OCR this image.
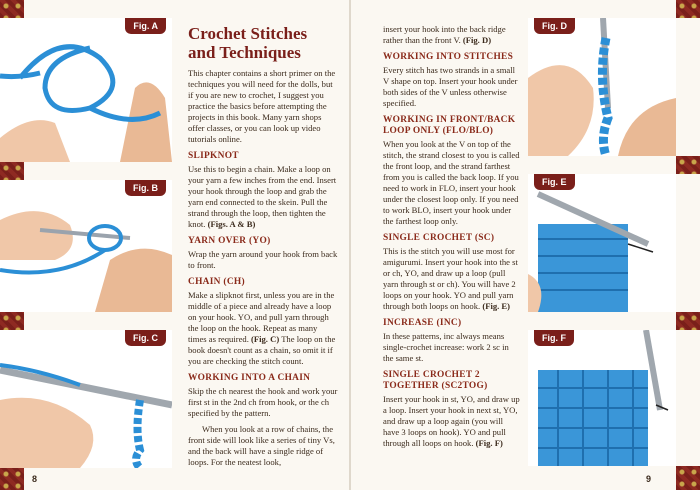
Fig. A
Fig. B
Fig. C
8
Crochet Stitches and Techniques

This chapter contains a short primer on the techniques you will need for the dolls, but if you are new to crochet, I suggest you practice the basics before attempting the projects in this book. Many yarn shops offer classes, or you can look up video tutorials online.

SLIPKNOT

Use this to begin a chain. Make a loop on your yarn a few inches from the end. Insert your hook through the loop and grab the yarn end connected to the skein. Pull the strand through the loop, then tighten the knot. (Figs. A & B)

YARN OVER (YO)

Wrap the yarn around your hook from back to front.

CHAIN (CH)

Make a slipknot first, unless you are in the middle of a piece and already have a loop on your hook. YO, and pull yarn through the loop on the hook. Repeat as many times as required. (Fig. C) The loop on the book doesn't count as a chain, so omit it if you are checking the stitch count.

WORKING INTO A CHAIN

Skip the ch nearest the hook and work your first st in the 2nd ch from hook, or the ch specified by the pattern.

When you look at a row of chains, the front side will look like a series of tiny Vs, and the back will have a single ridge of loops. For the neatest look,

insert your hook into the back ridge rather than the front V. (Fig. D)

WORKING INTO STITCHES

Every stitch has two strands in a small V shape on top. Insert your hook under both sides of the V unless otherwise specified.

WORKING IN FRONT/BACK LOOP ONLY (FLO/BLO)

When you look at the V on top of the stitch, the strand closest to you is called the front loop, and the strand farthest from you is called the back loop. If you need to work in FLO, insert your hook under the closest loop only. If you need to work BLO, insert your hook under the farthest loop only.

SINGLE CROCHET (SC)

This is the stitch you will use most for amigurumi. Insert your hook into the st or ch, YO, and draw up a loop (pull yarn through st or ch). You will have 2 loops on your hook. YO and pull yarn through both loops on hook. (Fig. E)

INCREASE (INC)

In these patterns, inc always means single-crochet increase: work 2 sc in the same st.

SINGLE CROCHET 2 TOGETHER (SC2TOG)

Insert your hook in st, YO, and draw up a loop. Insert your hook in next st, YO, and draw up a loop again (you will have 3 loops on hook). YO and pull through all loops on hook. (Fig. F)

Fig. D
Fig. E
Fig. F
9
